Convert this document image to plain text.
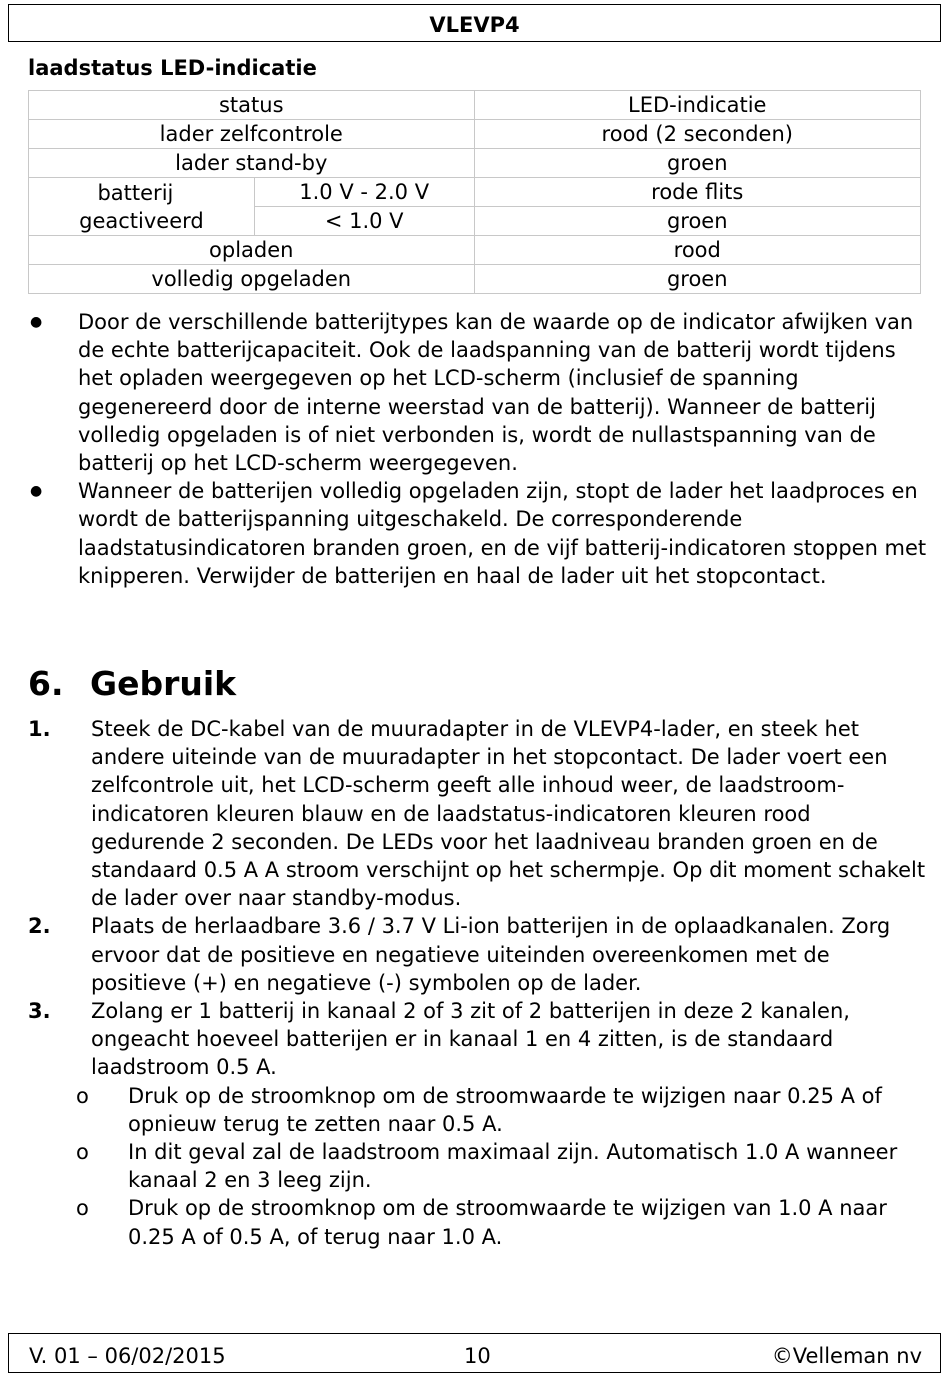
VLEVP4
laadstatus LED-indicatie
status		LED-indicatie
lader zelfcontrole		rood (2 seconden)
lader stand-by		groen

batterij
geactiveerd	1.0 V - 2.0 V	rode flits
	< 1.0 V	groen
opladen		rood
volledig opgeladen		groen
● Door de verschillende batterijtypes kan de waarde op de indicator afwijken van de echte batterijcapaciteit. Ook de laadspanning van de batterij wordt tijdens het opladen weergegeven op het LCD-scherm (inclusief de spanning gegenereerd door de interne weerstad van de batterij). Wanneer de batterij volledig opgeladen is of niet verbonden is, wordt de nullastspanning van de batterij op het LCD-scherm weergegeven.
● Wanneer de batterijen volledig opgeladen zijn, stopt de lader het laadproces en wordt de batterijspanning uitgeschakeld. De corresponderende laadstatusindicatoren branden groen, en de vijf batterij-indicatoren stoppen met knipperen. Verwijder de batterijen en haal de lader uit het stopcontact.
6. Gebruik
1. Steek de DC-kabel van de muuradapter in de VLEVP4-lader, en steek het andere uiteinde van de muuradapter in het stopcontact. De lader voert een zelfcontrole uit, het LCD-scherm geeft alle inhoud weer, de laadstroom-indicatoren kleuren blauw en de laadstatus-indicatoren kleuren rood gedurende 2 seconden. De LEDs voor het laadniveau branden groen en de standaard 0.5 A A stroom verschijnt op het schermpje. Op dit moment schakelt de lader over naar standby-modus.
2. Plaats de herlaadbare 3.6 / 3.7 V Li-ion batterijen in de oplaadkanalen. Zorg ervoor dat de positieve en negatieve uiteinden overeenkomen met de positieve (+) en negatieve (-) symbolen op de lader.
3. Zolang er 1 batterij in kanaal 2 of 3 zit of 2 batterijen in deze 2 kanalen, ongeacht hoeveel batterijen er in kanaal 1 en 4 zitten, is de standaard laadstroom 0.5 A.
o Druk op de stroomknop om de stroomwaarde te wijzigen naar 0.25 A of opnieuw terug te zetten naar 0.5 A.
o In dit geval zal de laadstroom maximaal zijn. Automatisch 1.0 A wanneer kanaal 2 en 3 leeg zijn.
o Druk op de stroomknop om de stroomwaarde te wijzigen van 1.0 A naar 0.25 A of 0.5 A, of terug naar 1.0 A.
V. 01 – 06/02/2015	10	©Velleman nv
